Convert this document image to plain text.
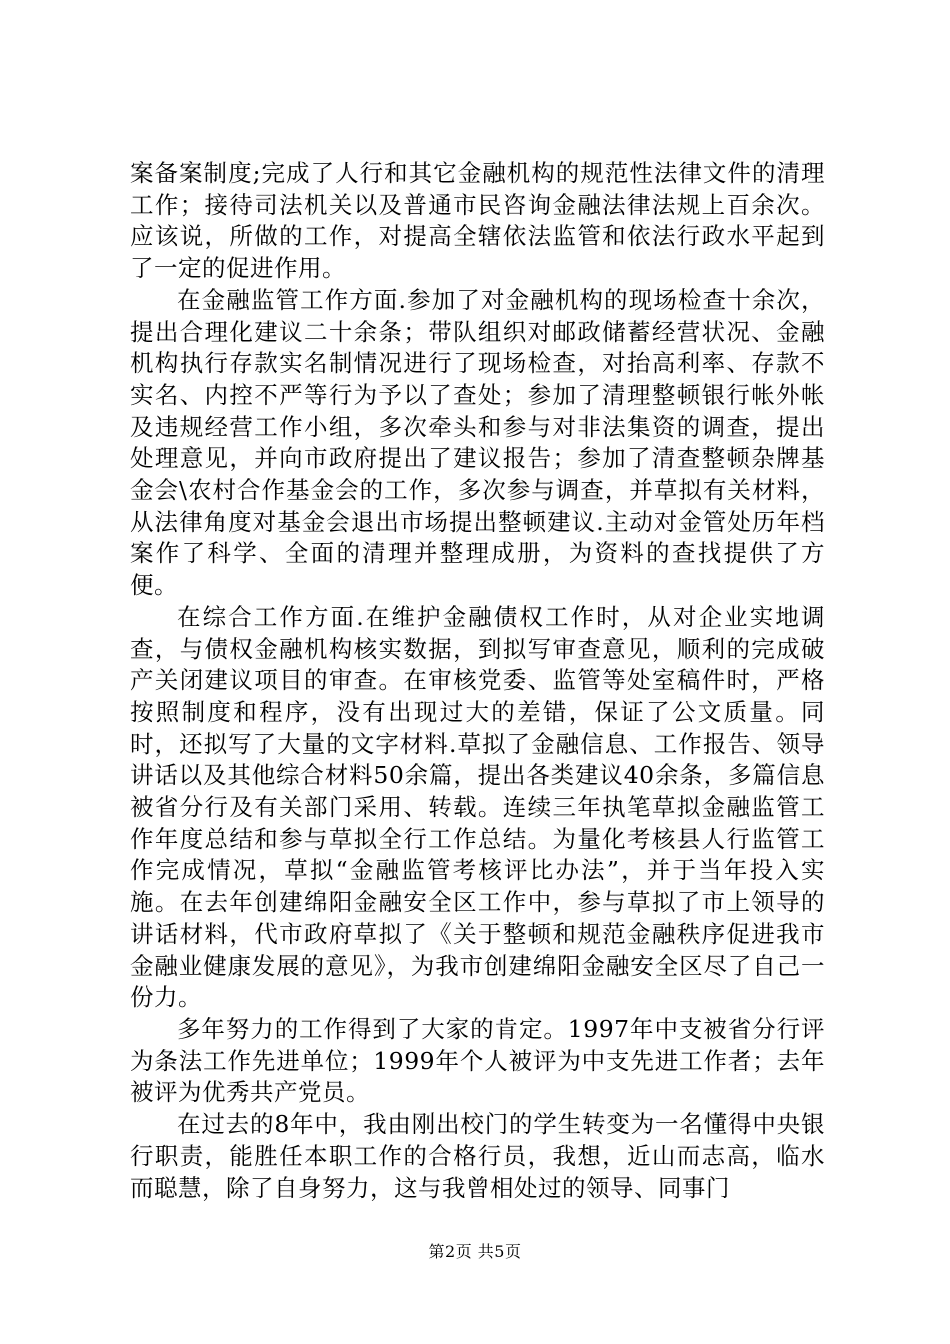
案备案制度;完成了人行和其它金融机构的规范性法律文件的清理工作；接待司法机关以及普通市民咨询金融法律法规上百余次。应该说，所做的工作，对提高全辖依法监管和依法行政水平起到了一定的促进作用。

在金融监管工作方面.参加了对金融机构的现场检查十余次，提出合理化建议二十余条；带队组织对邮政储蓄经营状况、金融机构执行存款实名制情况进行了现场检查，对抬高利率、存款不实名、内控不严等行为予以了查处；参加了清理整顿银行帐外帐及违规经营工作小组，多次牵头和参与对非法集资的调查，提出处理意见，并向市政府提出了建议报告；参加了清查整顿杂牌基金会\农村合作基金会的工作，多次参与调查，并草拟有关材料，从法律角度对基金会退出市场提出整顿建议.主动对金管处历年档案作了科学、全面的清理并整理成册，为资料的查找提供了方便。

在综合工作方面.在维护金融债权工作时，从对企业实地调查，与债权金融机构核实数据，到拟写审查意见，顺利的完成破产关闭建议项目的审查。在审核党委、监管等处室稿件时，严格按照制度和程序，没有出现过大的差错，保证了公文质量。同时，还拟写了大量的文字材料.草拟了金融信息、工作报告、领导讲话以及其他综合材料50余篇，提出各类建议40余条，多篇信息被省分行及有关部门采用、转载。连续三年执笔草拟金融监管工作年度总结和参与草拟全行工作总结。为量化考核县人行监管工作完成情况，草拟“金融监管考核评比办法”，并于当年投入实施。在去年创建绵阳金融安全区工作中，参与草拟了市上领导的讲话材料，代市政府草拟了《关于整顿和规范金融秩序促进我市金融业健康发展的意见》，为我市创建绵阳金融安全区尽了自己一份力。

多年努力的工作得到了大家的肯定。1997年中支被省分行评为条法工作先进单位；1999年个人被评为中支先进工作者；去年被评为优秀共产党员。

在过去的8年中，我由刚出校门的学生转变为一名懂得中央银行职责，能胜任本职工作的合格行员，我想，近山而志高，临水而聪慧，除了自身努力，这与我曾相处过的领导、同事门

第2页 共5页
